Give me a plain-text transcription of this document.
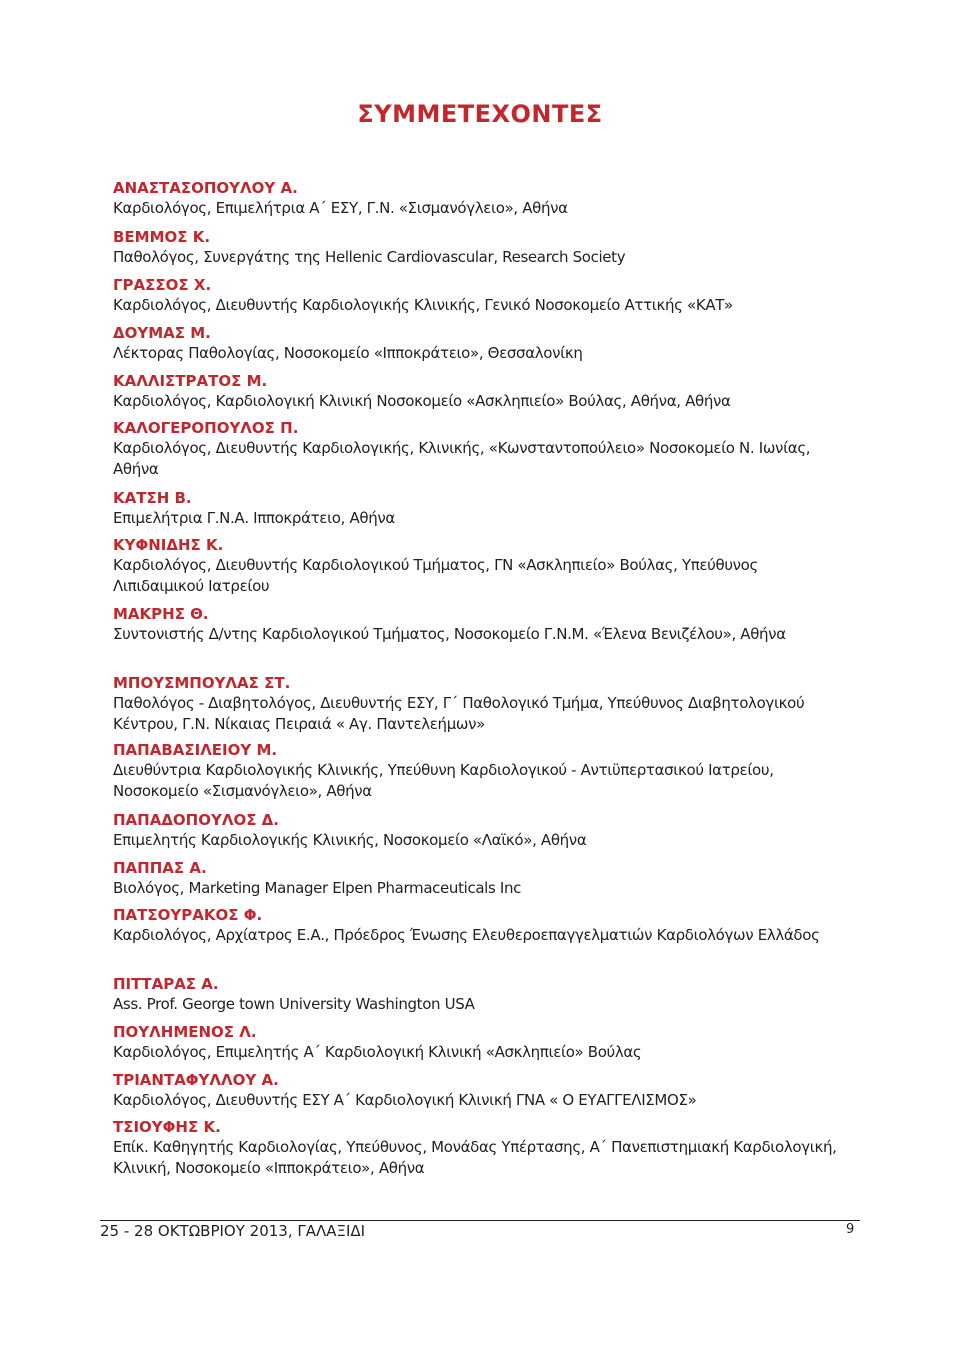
ΣΥΜΜΕΤΕΧΟΝΤΕΣ
ΑΝΑΣΤΑΣΟΠΟΥΛΟΥ Α.
Καρδιολόγος, Επιμελήτρια Α΄ ΕΣΥ, Γ.Ν. «Σισμανόγλειο», Αθήνα
ΒΕΜΜΟΣ Κ.
Παθολόγος, Συνεργάτης της Hellenic Cardiovascular, Research Society
ΓΡΑΣΣΟΣ Χ.
Καρδιολόγος, Διευθυντής Καρδιολογικής Κλινικής, Γενικό Νοσοκομείο Αττικής «ΚΑΤ»
ΔΟΥΜΑΣ Μ.
Λέκτορας Παθολογίας, Νοσοκομείο «Ιπποκράτειο», Θεσσαλονίκη
ΚΑΛΛΙΣΤΡΑΤΟΣ Μ.
Καρδιολόγος, Καρδιολογική Κλινική Νοσοκομείο «Ασκληπιείο» Βούλας, Αθήνα, Αθήνα
ΚΑΛΟΓΕΡΟΠΟΥΛΟΣ Π.
Καρδιολόγος, Διευθυντής Καρδιολογικής, Κλινικής, «Κωνσταντοπούλειο» Νοσοκομείο Ν. Ιωνίας, Αθήνα
ΚΑΤΣΗ Β.
Επιμελήτρια Γ.Ν.Α. Ιπποκράτειο, Αθήνα
ΚΥΦΝΙΔΗΣ Κ.
Καρδιολόγος, Διευθυντής Καρδιολογικού Τμήματος, ΓΝ «Ασκληπιείο» Βούλας, Υπεύθυνος Λιπιδαιμικού Ιατρείου
ΜΑΚΡΗΣ Θ.
Συντονιστής Δ/ντης Καρδιολογικού Τμήματος, Νοσοκομείο Γ.Ν.Μ. «Έλενα Βενιζέλου», Αθήνα
ΜΠΟΥΣΜΠΟΥΛΑΣ ΣΤ.
Παθολόγος - Διαβητολόγος, Διευθυντής ΕΣΥ, Γ΄ Παθολογικό Τμήμα, Υπεύθυνος Διαβητολογικού Κέντρου, Γ.Ν. Νίκαιας Πειραιά « Αγ. Παντελεήμων»
ΠΑΠΑΒΑΣΙΛΕΙΟΥ Μ.
Διευθύντρια Καρδιολογικής Κλινικής, Υπεύθυνη Καρδιολογικού - Αντιϋπερτασικού Ιατρείου, Νοσοκομείο «Σισμανόγλειο», Αθήνα
ΠΑΠΑΔΟΠΟΥΛΟΣ Δ.
Επιμελητής Καρδιολογικής Κλινικής, Νοσοκομείο «Λαϊκό», Αθήνα
ΠΑΠΠΑΣ Α.
Βιολόγος, Marketing Manager Elpen Pharmaceuticals Inc
ΠΑΤΣΟΥΡΑΚΟΣ Φ.
Καρδιολόγος, Αρχίατρος Ε.Α., Πρόεδρος Ένωσης Ελευθεροεπαγγελματιών Καρδιολόγων Ελλάδος
ΠΙΤΤΑΡΑΣ Α.
Ass. Prof. George town University Washington USA
ΠΟΥΛΗΜΕΝΟΣ Λ.
Καρδιολόγος, Επιμελητής Α΄ Καρδιολογική Κλινική «Ασκληπιείο» Βούλας
ΤΡΙΑΝΤΑΦΥΛΛΟΥ Α.
Καρδιολόγος, Διευθυντής ΕΣΥ Α΄ Καρδιολογική Κλινική ΓΝΑ « Ο ΕΥΑΓΓΕΛΙΣΜΟΣ»
ΤΣΙΟΥΦΗΣ Κ.
Επίκ. Καθηγητής Καρδιολογίας, Υπεύθυνος, Μονάδας Υπέρτασης, Α΄ Πανεπιστημιακή Καρδιολογική, Κλινική, Νοσοκομείο «Ιπποκράτειο», Αθήνα
25 - 28 ΟΚΤΩΒΡΙΟΥ 2013, ΓΑΛΑΞΙΔΙ	9
